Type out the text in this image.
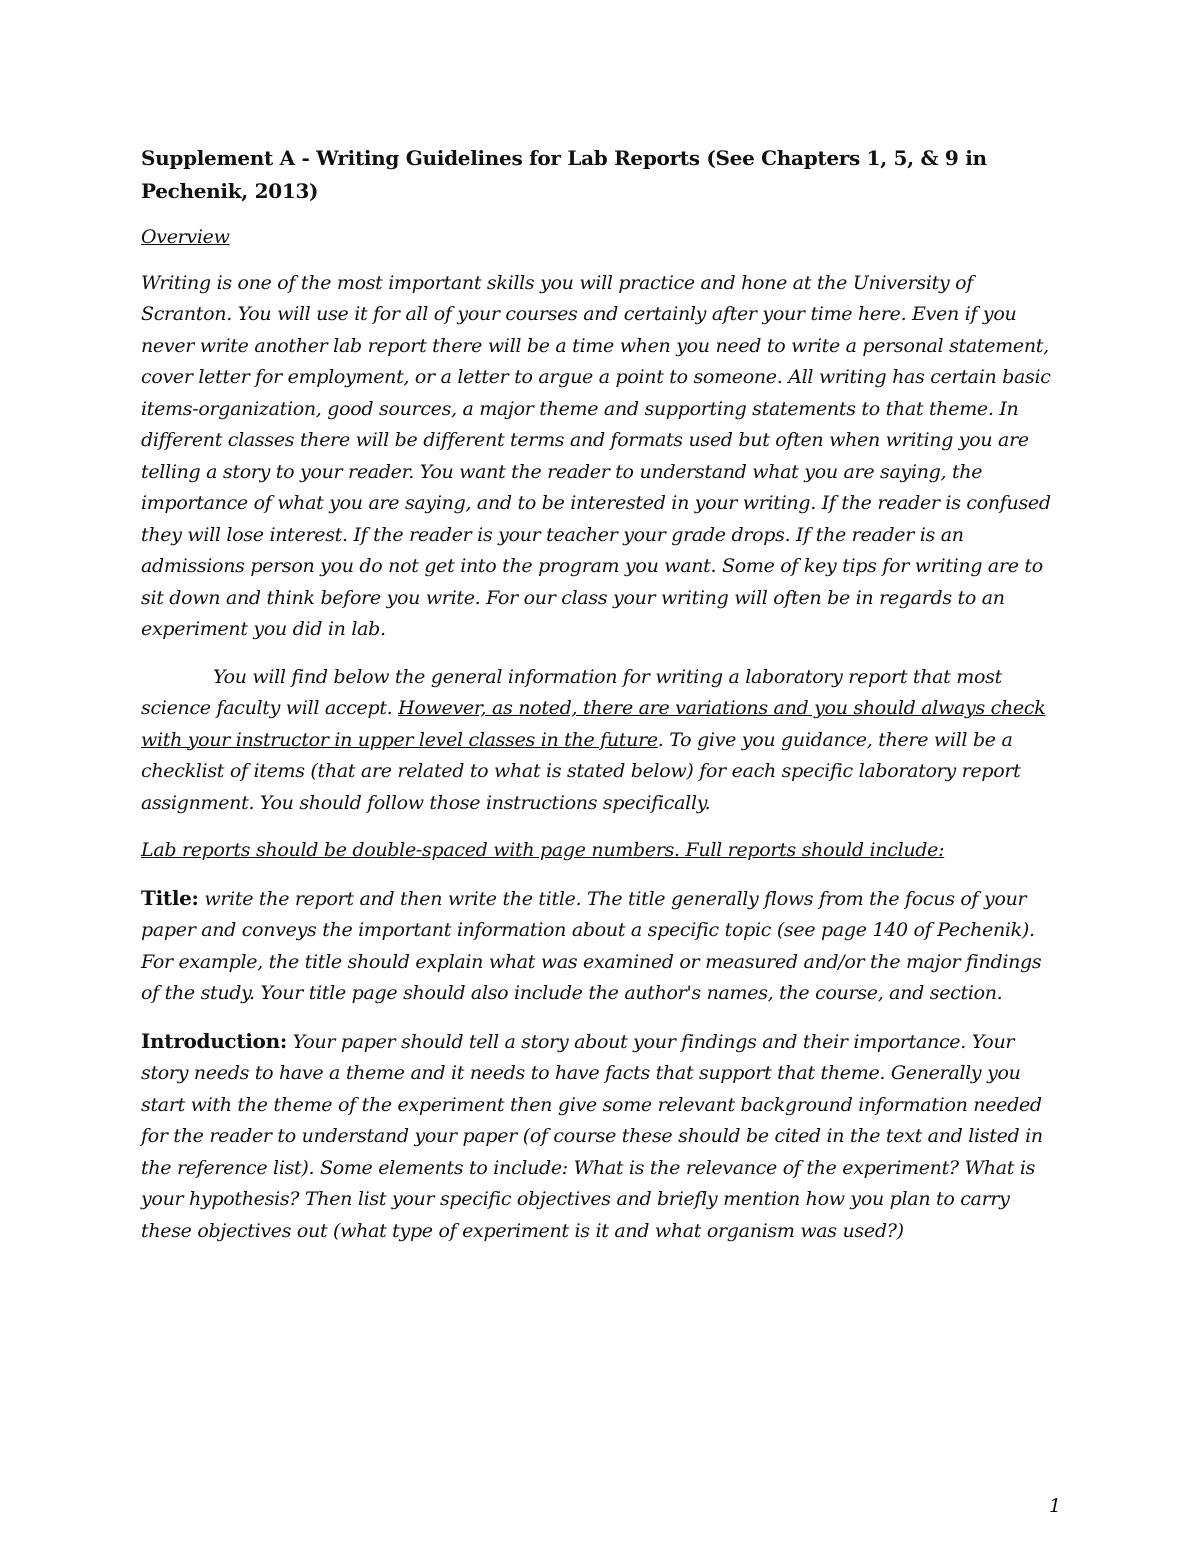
Supplement A - Writing Guidelines for Lab Reports (See Chapters 1, 5, & 9 in Pechenik, 2013)

Overview

Writing is one of the most important skills you will practice and hone at the University of Scranton. You will use it for all of your courses and certainly after your time here. Even if you never write another lab report there will be a time when you need to write a personal statement, cover letter for employment, or a letter to argue a point to someone. All writing has certain basic items-organization, good sources, a major theme and supporting statements to that theme. In different classes there will be different terms and formats used but often when writing you are telling a story to your reader. You want the reader to understand what you are saying, the importance of what you are saying, and to be interested in your writing. If the reader is confused they will lose interest. If the reader is your teacher your grade drops. If the reader is an admissions person you do not get into the program you want. Some of key tips for writing are to sit down and think before you write. For our class your writing will often be in regards to an experiment you did in lab.

You will find below the general information for writing a laboratory report that most science faculty will accept. However, as noted, there are variations and you should always check with your instructor in upper level classes in the future. To give you guidance, there will be a checklist of items (that are related to what is stated below) for each specific laboratory report assignment. You should follow those instructions specifically.

Lab reports should be double-spaced with page numbers. Full reports should include:

Title: write the report and then write the title. The title generally flows from the focus of your paper and conveys the important information about a specific topic (see page 140 of Pechenik). For example, the title should explain what was examined or measured and/or the major findings of the study. Your title page should also include the author's names, the course, and section.

Introduction: Your paper should tell a story about your findings and their importance. Your story needs to have a theme and it needs to have facts that support that theme. Generally you start with the theme of the experiment then give some relevant background information needed for the reader to understand your paper (of course these should be cited in the text and listed in the reference list). Some elements to include: What is the relevance of the experiment? What is your hypothesis? Then list your specific objectives and briefly mention how you plan to carry these objectives out (what type of experiment is it and what organism was used?)

1
